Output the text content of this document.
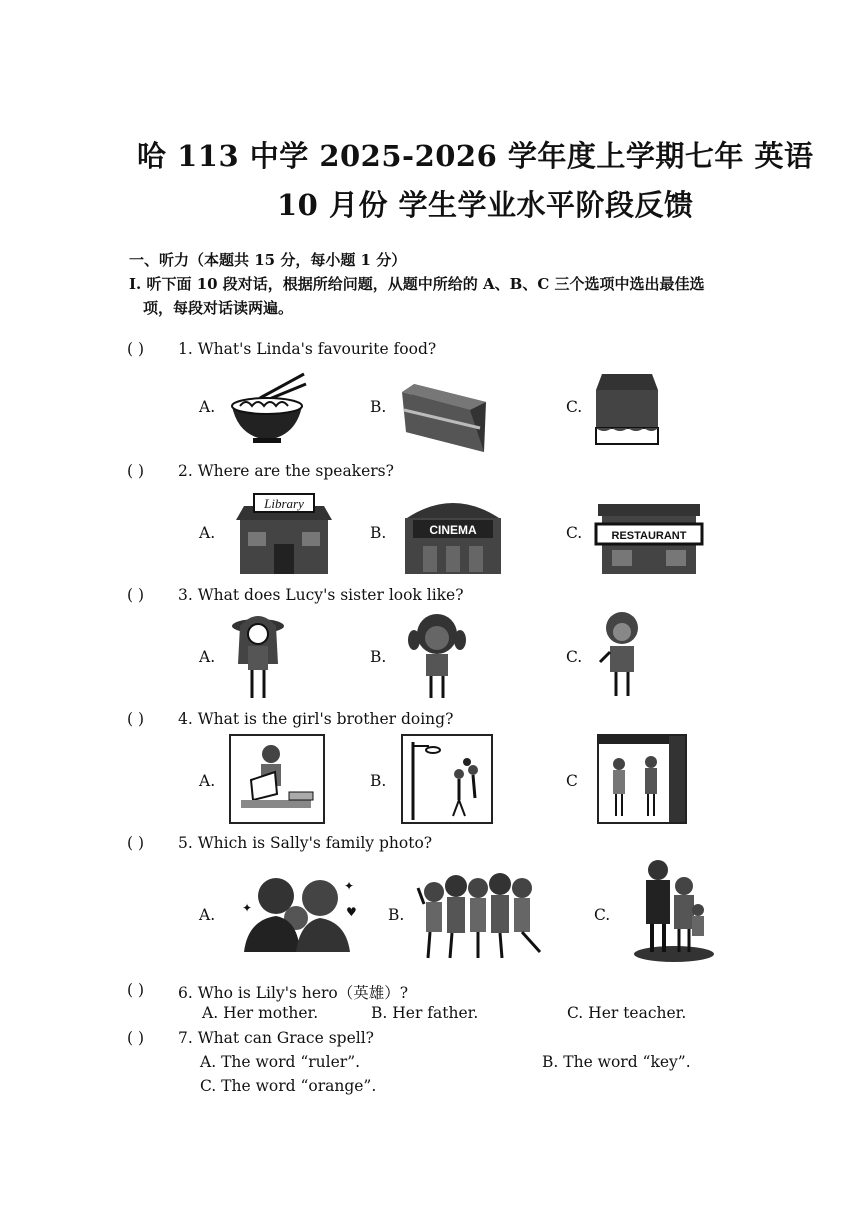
哈 113 中学 2025-2026 学年度上学期七年 英语
10 月份 学生学业水平阶段反馈
一、听力（本题共 15 分，每小题 1 分）
I. 听下面 10 段对话，根据所给问题，从题中所给的 A、B、C 三个选项中选出最佳选
项，每段对话读两遍。
( ) 1. What's Linda's favourite food?
A.	B.	C.
( ) 2. Where are the speakers?
A.
Library
B.	CINEMA	C.	RESTAURANT
( ) 3. What does Lucy's sister look like?
A.	B.	C.
( ) 4. What is the girl's brother doing?
A.	B.	C
( ) 5. Which is Sally's family photo?
A. ✦
✦
♥ B.	C.
( ) 6. Who is Lily's hero（英雄）?
A. Her mother.	B. Her father.	C. Her teacher.
( ) 7. What can Grace spell?
A. The word “ruler”.	B. The word “key”.
C. The word “orange”.
